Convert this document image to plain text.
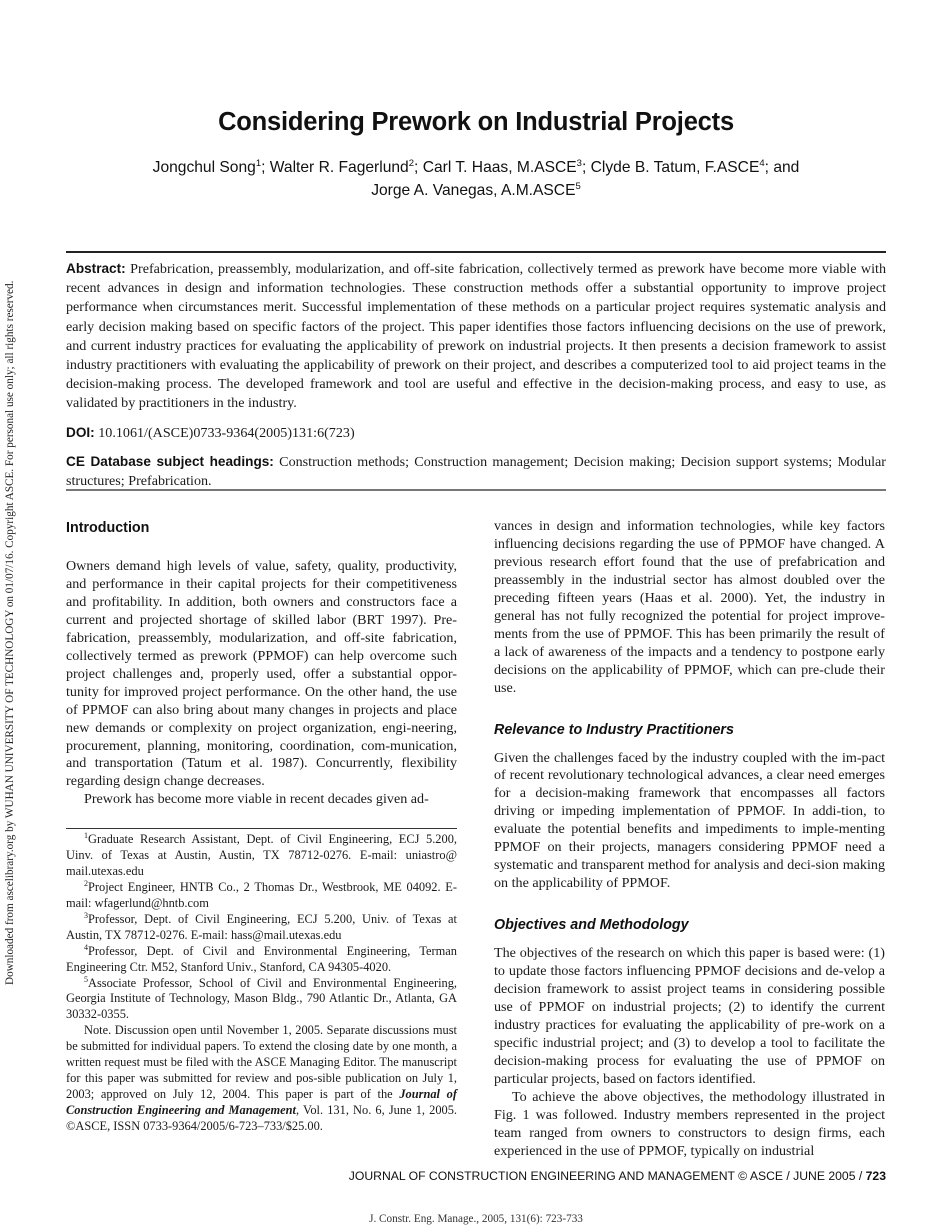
Downloaded from ascelibrary.org by WUHAN UNIVERSITY OF TECHNOLOGY on 01/07/16. Copyright ASCE. For personal use only; all rights reserved.
Considering Prework on Industrial Projects
Jongchul Song$^1$; Walter R. Fagerlund$^2$; Carl T. Haas, M.ASCE$^3$; Clyde B. Tatum, F.ASCE$^4$; and
Jorge A. Vanegas, A.M.ASCE$^5$

Abstract: Prefabrication, preassembly, modularization, and off-site fabrication, collectively termed as prework have become more viable with recent advances in design and information technologies. These construction methods offer a substantial opportunity to improve project performance when circumstances merit. Successful implementation of these methods on a particular project requires systematic analysis and early decision making based on specific factors of the project. This paper identifies those factors influencing decisions on the use of prework, and current industry practices for evaluating the applicability of prework on industrial projects. It then presents a decision framework to assist industry practitioners with evaluating the applicability of prework on their project, and describes a computerized tool to aid project teams in the decision-making process. The developed framework and tool are useful and effective in the decision-making process, and easy to use, as validated by practitioners in the industry.

DOI: 10.1061/(ASCE)0733-9364(2005)131:6(723)

CE Database subject headings: Construction methods; Construction management; Decision making; Decision support systems; Modular structures; Prefabrication.

Introduction

Owners demand high levels of value, safety, quality, productivity, and performance in their capital projects for their competitiveness and profitability. In addition, both owners and constructors face a current and projected shortage of skilled labor (BRT 1997). Pre-fabrication, preassembly, modularization, and off-site fabrication, collectively termed as prework (PPMOF) can help overcome such project challenges and, properly used, offer a substantial oppor-tunity for improved project performance. On the other hand, the use of PPMOF can also bring about many changes in projects and place new demands or complexity on project organization, engi-neering, procurement, planning, monitoring, coordination, com-munication, and transportation (Tatum et al. 1987). Concurrently, flexibility regarding design change decreases.

Prework has become more viable in recent decades given ad-

$^1$Graduate Research Assistant, Dept. of Civil Engineering, ECJ 5.200, Uinv. of Texas at Austin, Austin, TX 78712-0276. E-mail: uniastro@ mail.utexas.edu

$^2$Project Engineer, HNTB Co., 2 Thomas Dr., Westbrook, ME 04092. E-mail: wfagerlund@hntb.com

$^3$Professor, Dept. of Civil Engineering, ECJ 5.200, Univ. of Texas at Austin, TX 78712-0276. E-mail: hass@mail.utexas.edu

$^4$Professor, Dept. of Civil and Environmental Engineering, Terman Engineering Ctr. M52, Stanford Univ., Stanford, CA 94305-4020.

$^5$Associate Professor, School of Civil and Environmental Engineering, Georgia Institute of Technology, Mason Bldg., 790 Atlantic Dr., Atlanta, GA 30332-0355.

Note. Discussion open until November 1, 2005. Separate discussions must be submitted for individual papers. To extend the closing date by one month, a written request must be filed with the ASCE Managing Editor. The manuscript for this paper was submitted for review and pos-sible publication on July 1, 2003; approved on July 12, 2004. This paper is part of the Journal of Construction Engineering and Management, Vol. 131, No. 6, June 1, 2005. ©ASCE, ISSN 0733-9364/2005/6-723–733/$25.00.

vances in design and information technologies, while key factors influencing decisions regarding the use of PPMOF have changed. A previous research effort found that the use of prefabrication and preassembly in the industrial sector has almost doubled over the preceding fifteen years (Haas et al. 2000). Yet, the industry in general has not fully recognized the potential for project improve-ments from the use of PPMOF. This has been primarily the result of a lack of awareness of the impacts and a tendency to postpone early decisions on the applicability of PPMOF, which can pre-clude their use.

Relevance to Industry Practitioners

Given the challenges faced by the industry coupled with the im-pact of recent revolutionary technological advances, a clear need emerges for a decision-making framework that encompasses all factors driving or impeding implementation of PPMOF. In addi-tion, to evaluate the potential benefits and impediments to imple-menting PPMOF on their projects, managers considering PPMOF need a systematic and transparent method for analysis and deci-sion making on the applicability of PPMOF.

Objectives and Methodology

The objectives of the research on which this paper is based were: (1) to update those factors influencing PPMOF decisions and de-velop a decision framework to assist project teams in considering possible use of PPMOF on industrial projects; (2) to identify the current industry practices for evaluating the applicability of pre-work on a specific industrial project; and (3) to develop a tool to facilitate the decision-making process for evaluating the use of PPMOF on particular projects, based on factors identified.

To achieve the above objectives, the methodology illustrated in Fig. 1 was followed. Industry members represented in the project team ranged from owners to constructors to design firms, each experienced in the use of PPMOF, typically on industrial

JOURNAL OF CONSTRUCTION ENGINEERING AND MANAGEMENT © ASCE / JUNE 2005 / 723
J. Constr. Eng. Manage., 2005, 131(6): 723-733
